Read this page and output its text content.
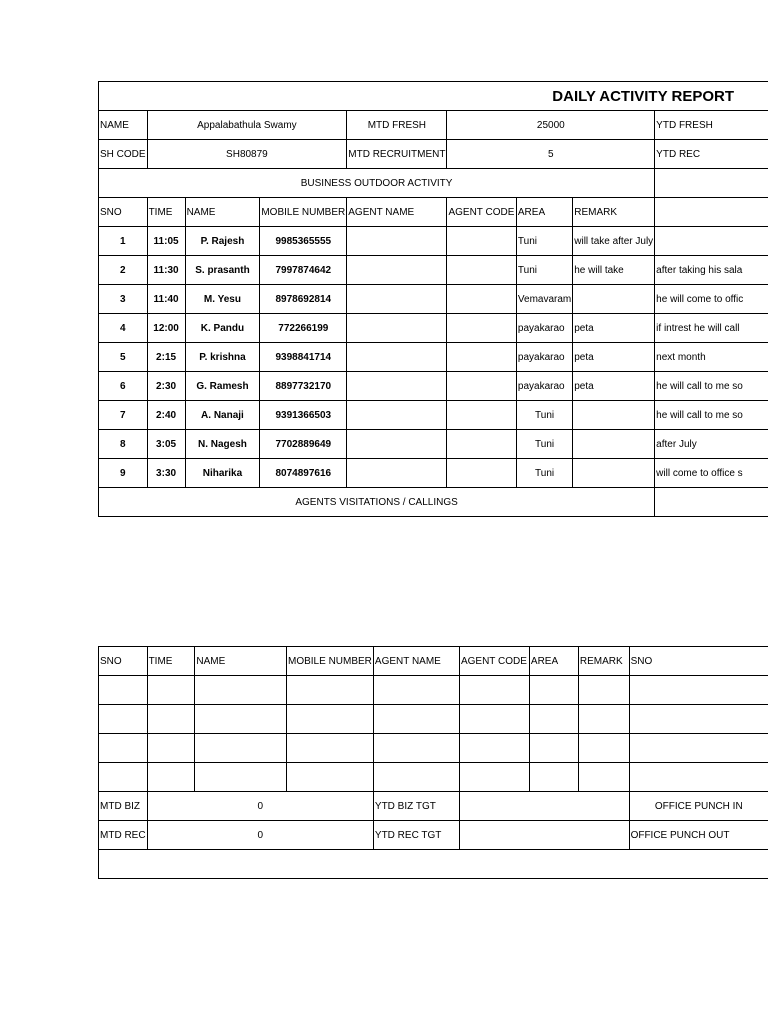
DAILY ACTIVITY REPORT								
NAME	Appalabathula Swamy			MTD FRESH	25000			YTD FRESH
SH CODE	SH80879			MTD RECRUITMENT	5			YTD REC
BUSINESS OUTDOOR ACTIVITY								
SNO	TIME	NAME	MOBILE NUMBER	AGENT NAME	AGENT CODE	AREA	REMARK	
1	11:05	P. Rajesh	9985365555			Tuni	will take after July	
2	11:30	S. prasanth	7997874642			Tuni	he will take	after taking his sala
3	11:40	M. Yesu	8978692814			Vemavaram		he will come to offic
4	12:00	K. Pandu	772266199			payakarao	peta	if intrest he will call
5	2:15	P. krishna	9398841714			payakarao	peta	next month
6	2:30	G. Ramesh	8897732170			payakarao	peta	he will call to me so
7	2:40	A. Nanaji	9391366503			Tuni		he will call to me so
8	3:05	N. Nagesh	7702889649			Tuni		after July
9	3:30	Niharika	8074897616			Tuni		will come to office s
AGENTS VISITATIONS / CALLINGS								
SNO	TIME	NAME	MOBILE NUMBER	AGENT NAME	AGENT CODE	AREA	REMARK	SNO

MTD BIZ	0			YTD BIZ TGT				OFFICE PUNCH IN
MTD REC	0			YTD REC TGT				OFFICE PUNCH OUT
